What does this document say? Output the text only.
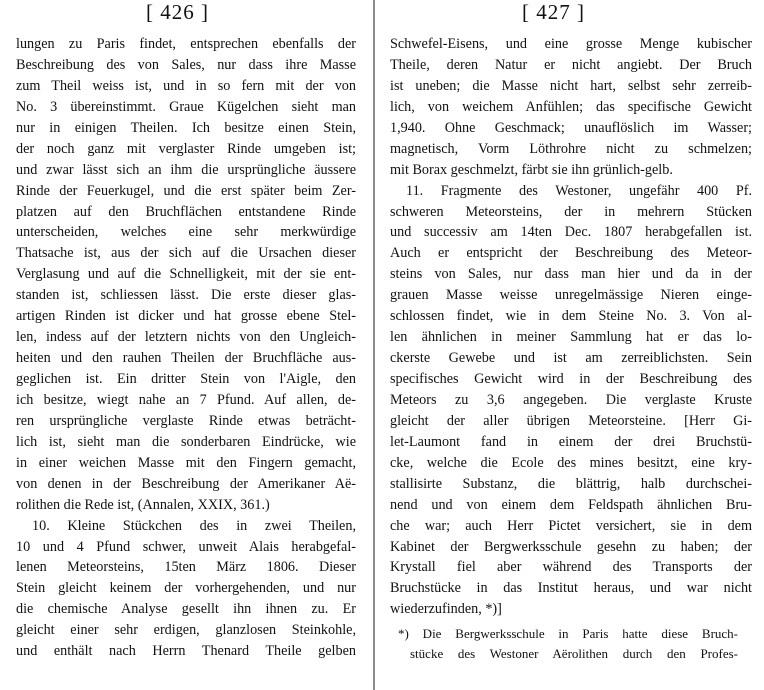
[ 426 ]
lungen zu Paris findet, entsprechen ebenfalls der
Beschreibung des von Sales, nur dass ihre Masse
zum Theil weiss ist, und in so fern mit der von
No. 3 übereinstimmt. Graue Kügelchen sieht man
nur in einigen Theilen. Ich besitze einen Stein,
der noch ganz mit verglaster Rinde umgeben ist;
und zwar lässt sich an ihm die ursprüngliche äussere
Rinde der Feuerkugel, und die erst später beim Zer-
platzen auf den Bruchflächen entstandene Rinde
unterscheiden, welches eine sehr merkwürdige
Thatsache ist, aus der sich auf die Ursachen dieser
Verglasung und auf die Schnelligkeit, mit der sie ent-
standen ist, schliessen lässt. Die erste dieser glas-
artigen Rinden ist dicker und hat grosse ebene Stel-
len, indess auf der letztern nichts von den Ungleich-
heiten und den rauhen Theilen der Bruchfläche aus-
geglichen ist. Ein dritter Stein von l'Aigle, den
ich besitze, wiegt nahe an 7 Pfund. Auf allen, de-
ren ursprüngliche verglaste Rinde etwas beträcht-
lich ist, sieht man die sonderbaren Eindrücke, wie
in einer weichen Masse mit den Fingern gemacht,
von denen in der Beschreibung der Amerikaner Aë-
rolithen die Rede ist, (Annalen, XXIX, 361.)
10. Kleine Stückchen des in zwei Theilen,
10 und 4 Pfund schwer, unweit Alais herabgefal-
lenen Meteorsteins, 15ten März 1806. Dieser
Stein gleicht keinem der vorhergehenden, und nur
die chemische Analyse gesellt ihn ihnen zu. Er
gleicht einer sehr erdigen, glanzlosen Steinkohle,
und enthält nach Herrn Thenard Theile gelben
[ 427 ]
Schwefel-Eisens, und eine grosse Menge kubischer
Theile, deren Natur er nicht angiebt. Der Bruch
ist uneben; die Masse nicht hart, selbst sehr zerreib-
lich, von weichem Anfühlen; das specifische Gewicht
1,940. Ohne Geschmack; unauflöslich im Wasser;
magnetisch, Vorm Löthrohre nicht zu schmelzen;
mit Borax geschmelzt, färbt sie ihn grünlich-gelb.
11. Fragmente des Westoner, ungefähr 400 Pf.
schweren Meteorsteins, der in mehrern Stücken
und successiv am 14ten Dec. 1807 herabgefallen ist.
Auch er entspricht der Beschreibung des Meteor-
steins von Sales, nur dass man hier und da in der
grauen Masse weisse unregelmässige Nieren einge-
schlossen findet, wie in dem Steine No. 3. Von al-
len ähnlichen in meiner Sammlung hat er das lo-
ckerste Gewebe und ist am zerreiblichsten. Sein
specifisches Gewicht wird in der Beschreibung des
Meteors zu 3,6 angegeben. Die verglaste Kruste
gleicht der aller übrigen Meteorsteine. [Herr Gi-
let-Laumont fand in einem der drei Bruchstü-
cke, welche die Ecole des mines besitzt, eine kry-
stallisirte Substanz, die blättrig, halb durchschei-
nend und von einem dem Feldspath ähnlichen Bru-
che war; auch Herr Pictet versichert, sie in dem
Kabinet der Bergwerksschule gesehn zu haben; der
Krystall fiel aber während des Transports der
Bruchstücke in das Institut heraus, und war nicht
wiederzufinden, *)]
*) Die Bergwerksschule in Paris hatte diese Bruch-
stücke des Westoner Aërolithen durch den Profes-
